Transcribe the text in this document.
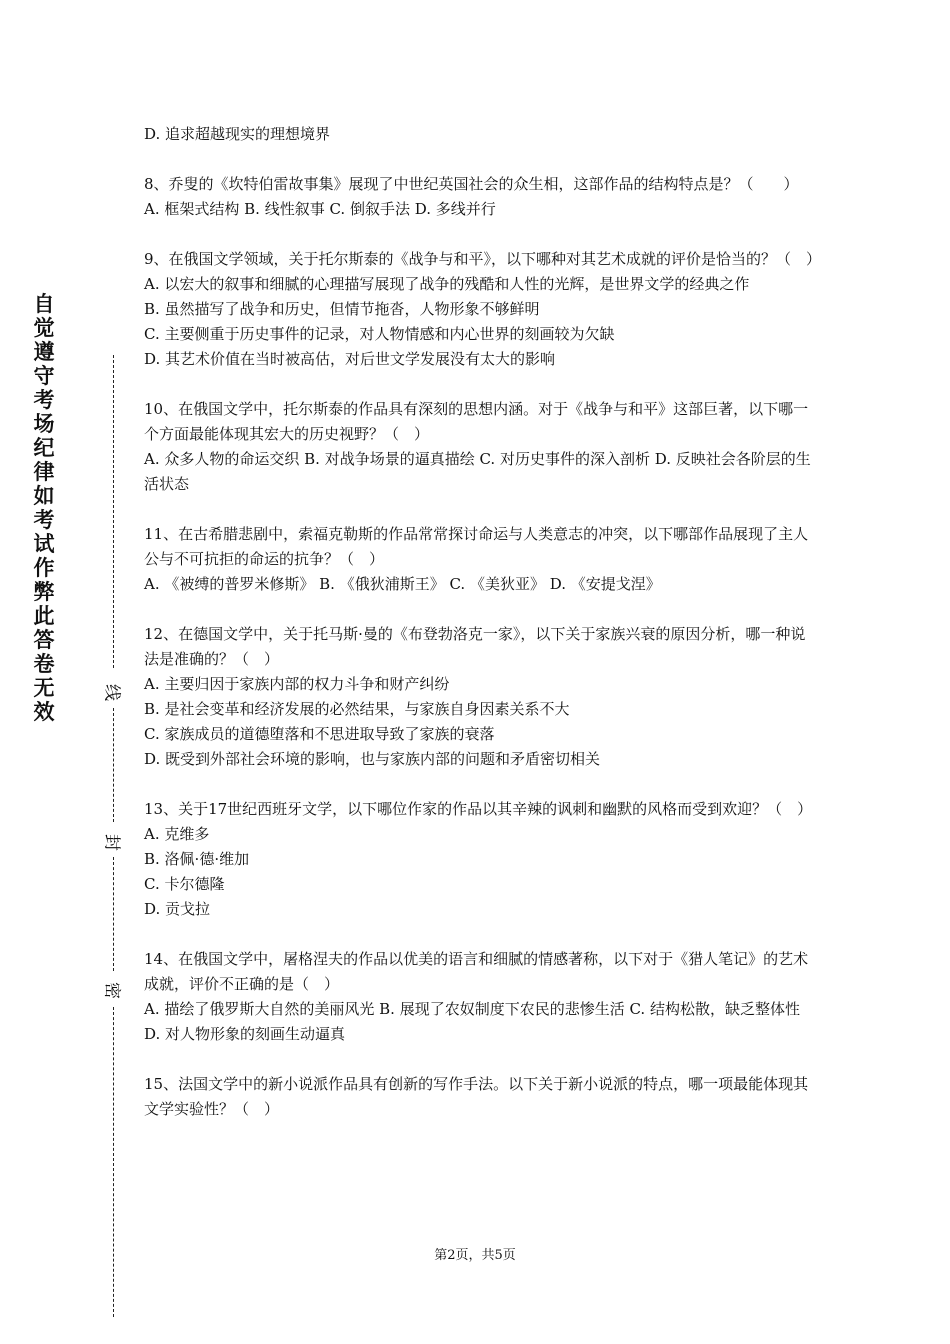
自觉遵守考场纪律如考试作弊此答卷无效
线
封
密

D. 追求超越现实的理想境界

8、乔叟的《坎特伯雷故事集》展现了中世纪英国社会的众生相，这部作品的结构特点是？（　　）

A. 框架式结构 B. 线性叙事 C. 倒叙手法 D. 多线并行

9、在俄国文学领域，关于托尔斯泰的《战争与和平》，以下哪种对其艺术成就的评价是恰当的？（　）

A. 以宏大的叙事和细腻的心理描写展现了战争的残酷和人性的光辉，是世界文学的经典之作

B. 虽然描写了战争和历史，但情节拖沓，人物形象不够鲜明

C. 主要侧重于历史事件的记录，对人物情感和内心世界的刻画较为欠缺

D. 其艺术价值在当时被高估，对后世文学发展没有太大的影响

10、在俄国文学中，托尔斯泰的作品具有深刻的思想内涵。对于《战争与和平》这部巨著，以下哪一个方面最能体现其宏大的历史视野？（　）

A. 众多人物的命运交织 B. 对战争场景的逼真描绘 C. 对历史事件的深入剖析 D. 反映社会各阶层的生活状态

11、在古希腊悲剧中，索福克勒斯的作品常常探讨命运与人类意志的冲突，以下哪部作品展现了主人公与不可抗拒的命运的抗争？（　）

A. 《被缚的普罗米修斯》 B. 《俄狄浦斯王》 C. 《美狄亚》 D. 《安提戈涅》

12、在德国文学中，关于托马斯·曼的《布登勃洛克一家》，以下关于家族兴衰的原因分析，哪一种说法是准确的？（　）

A. 主要归因于家族内部的权力斗争和财产纠纷

B. 是社会变革和经济发展的必然结果，与家族自身因素关系不大

C. 家族成员的道德堕落和不思进取导致了家族的衰落

D. 既受到外部社会环境的影响，也与家族内部的问题和矛盾密切相关

13、关于17世纪西班牙文学，以下哪位作家的作品以其辛辣的讽刺和幽默的风格而受到欢迎？（　）

A. 克维多

B. 洛佩·德·维加

C. 卡尔德隆

D. 贡戈拉

14、在俄国文学中，屠格涅夫的作品以优美的语言和细腻的情感著称，以下对于《猎人笔记》的艺术成就，评价不正确的是（　）

A. 描绘了俄罗斯大自然的美丽风光 B. 展现了农奴制度下农民的悲惨生活 C. 结构松散，缺乏整体性 D. 对人物形象的刻画生动逼真

15、法国文学中的新小说派作品具有创新的写作手法。以下关于新小说派的特点，哪一项最能体现其文学实验性？（　）

第2页，共5页
